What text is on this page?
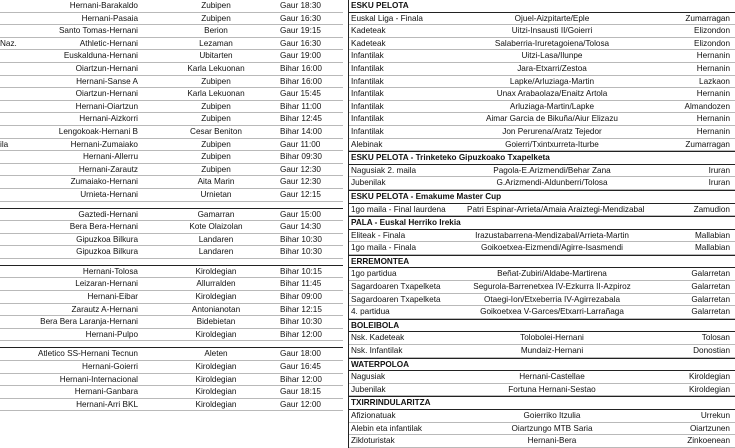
Hernani-Barakaldo	Zubipen	Gaur 18:30
Hernani-Pasaia	Zubipen	Gaur 16:30
Santo Tomas-Hernani	Berion	Gaur 19:15
Naz.	Athletic-Hernani	Lezaman	Gaur 16:30
Euskalduna-Hernani	Ubitarten	Gaur 19:00
Oiartzun-Hernani	Karla Lekuonan	Bihar 16:00
Hernani-Sanse A	Zubipen	Bihar 16:00
Oiartzun-Hernani	Karla Lekuonan	Gaur 15:45
Hernani-Oiartzun	Zubipen	Bihar 11:00
Hernani-Aizkorri	Zubipen	Bihar 12:45
Lengokoak-Hernani B	Cesar Beniton	Bihar 14:00
ila	Hernani-Zumaiako	Zubipen	Gaur 11:00
Hernani-Allerru	Zubipen	Bihar 09:30
Hernani-Zarautz	Zubipen	Gaur 12:30
Zumaiako-Hernani	Aita Marin	Gaur 12:30
Urnieta-Hernani	Urnietan	Gaur 12:15
Gaztedi-Hernani	Gamarran	Gaur 15:00
Bera Bera-Hernani	Kote Olaizolan	Gaur 14:30
Gipuzkoa Bilkura	Landaren	Bihar 10:30
Gipuzkoa Bilkura	Landaren	Bihar 10:30
Hernani-Tolosa	Kiroldegian	Bihar 10:15
Leizaran-Hernani	Allurralden	Bihar 11:45
Hernani-Eibar	Kiroldegian	Bihar 09:00
Zarautz A-Hernani	Antonianotan	Bihar 12:15
Bera Bera Laranja-Hernani	Bidebietan	Bihar 10:30
Hernani-Pulpo	Kiroldegian	Bihar 12:00
Atletico SS-Hernani Tecnun	Aleten	Gaur 18:00
Hernani-Goierri	Kiroldegian	Gaur 16:45
Hernani-Internacional	Kiroldegian	Bihar 12:00
Hernani-Ganbara	Kiroldegian	Gaur 18:15
Hernani-Arri BKL	Kiroldegian	Gaur 12:00
ESKU PELOTA
Euskal Liga - Finala	Ojuel-Aizpitarte/Eple	Zumarragan
Kadeteak	Uitzi-Insausti II/Goierri	Elizondon
Kadeteak	Salaberria-Iruretagoiena/Tolosa	Elizondon
Infantilak	Uitzi-Lasa/Ilunpe	Hernanin
Infantilak	Jara-Etxarri/Zestoa	Hernanin
Infantilak	Lapke/Arluziaga-Martin	Lazkaon
Infantilak	Unax Arabaolaza/Enaitz Artola	Hernanin
Infantilak	Arluziaga-Martin/Lapke	Almandozen
Infantilak	Aimar Garcia de Bikuña/Aiur Elizazu	Hernanin
Infantilak	Jon Perurena/Aratz Tejedor	Hernanin
Alebinak	Goierri/Txintxurreta-Iturbe	Zumarragan
ESKU PELOTA - Trinketeko Gipuzkoako Txapelketa
Nagusiak 2. maila	Pagola-E.Arizmendi/Behar Zana	Iruran
Jubenilak	G.Arizmendi-Aldunberri/Tolosa	Iruran
ESKU PELOTA - Emakume Master Cup
1go maila - Final laurdena	Patri Espinar-Arrieta/Amaia Araiztegi-Mendizabal	Zamudion
PALA - Euskal Herriko Irekia
Eliteak - Finala	Irazustabarrena-Mendizabal/Arrieta-Martin	Mallabian
1go maila - Finala	Goikoetxea-Eizmendi/Agirre-Isasmendi	Mallabian
ERREMONTEA
1go partidua	Beñat-Zubiri/Aldabe-Martirena	Galarretan
Sagardoaren Txapelketa	Segurola-Barrenetxea IV-Ezkurra II-Azpiroz	Galarretan
Sagardoaren Txapelketa	Otaegi-Ion/Etxeberria IV-Agirrezabala	Galarretan
4. partidua	Goikoetxea V-Garces/Etxarri-Larrañaga	Galarretan
BOLEIBOLA
Nsk. Kadeteak	Tolobolei-Hernani	Tolosan
Nsk. Infantilak	Mundaiz-Hernani	Donostian
WATERPOLOA
Nagusiak	Hernani-Castellae	Kiroldegian
Jubenilak	Fortuna Hernani-Sestao	Kiroldegian
TXIRRINDULARITZA
Afizionatuak	Goierriko Itzulia	Urrekun
Alebin eta infantilak	Oiartzungo MTB Saria	Oiartzunen
Zikloturistak	Hernani-Bera	Zinkoenean
